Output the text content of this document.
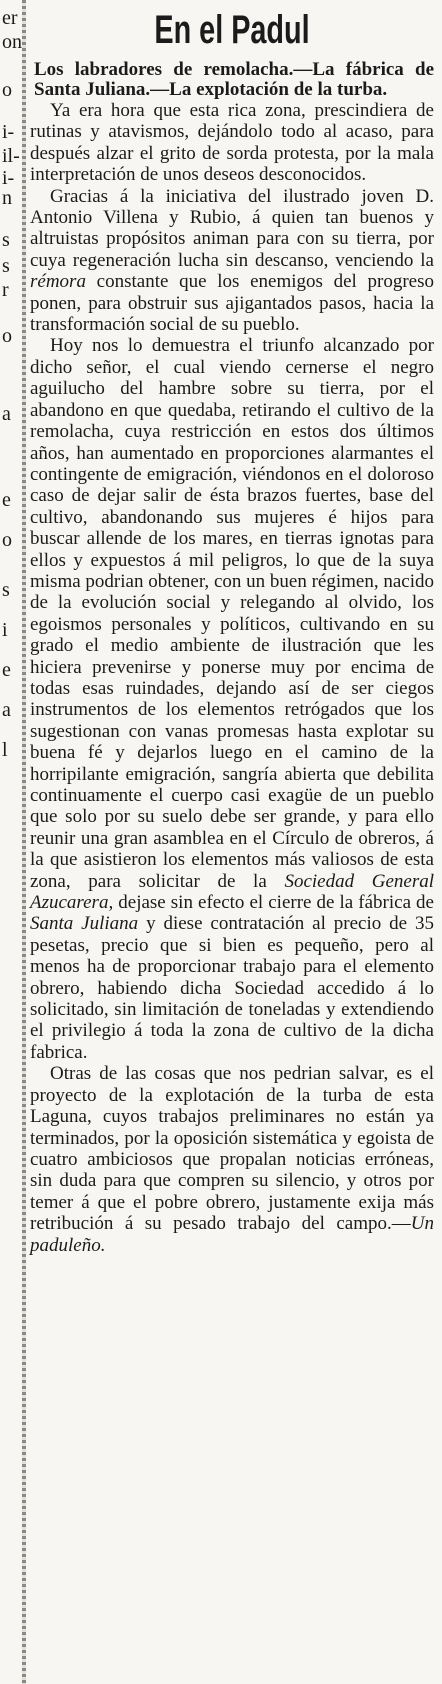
er
on
o
i-
il-
i-
n
s
s
r
o
a
e
o
s
i
e
a
l
En el Padul

Los labradores de remolacha.—La fábrica de Santa Juliana.—La explotación de la turba.

Ya era hora que esta rica zona, prescindiera de rutinas y atavismos, dejándolo todo al acaso, para después alzar el grito de sorda protesta, por la mala interpretación de unos deseos desconocidos.

Gracias á la iniciativa del ilustrado joven D. Antonio Villena y Rubio, á quien tan buenos y altruistas propósitos animan para con su tierra, por cuya regeneración lucha sin descanso, venciendo la rémora constante que los enemigos del progreso ponen, para obstruir sus ajigantados pasos, hacia la transformación social de su pueblo.

Hoy nos lo demuestra el triunfo alcanzado por dicho señor, el cual viendo cernerse el negro aguilucho del hambre sobre su tierra, por el abandono en que quedaba, retirando el cultivo de la remolacha, cuya restricción en estos dos últimos años, han aumentado en proporciones alarmantes el contingente de emigración, viéndonos en el doloroso caso de dejar salir de ésta brazos fuertes, base del cultivo, abandonando sus mujeres é hijos para buscar allende de los mares, en tierras ignotas para ellos y expuestos á mil peligros, lo que de la suya misma podrian obtener, con un buen régimen, nacido de la evolución social y relegando al olvido, los egoismos personales y políticos, cultivando en su grado el medio ambiente de ilustración que les hiciera prevenirse y ponerse muy por encima de todas esas ruindades, dejando así de ser ciegos instrumentos de los elementos retrógados que los sugestionan con vanas promesas hasta explotar su buena fé y dejarlos luego en el camino de la horripilante emigración, sangría abierta que debilita continuamente el cuerpo casi exagüe de un pueblo que solo por su suelo debe ser grande, y para ello reunir una gran asamblea en el Círculo de obreros, á la que asistieron los elementos más valiosos de esta zona, para solicitar de la Sociedad General Azucarera, dejase sin efecto el cierre de la fábrica de Santa Juliana y diese contratación al precio de 35 pesetas, precio que si bien es pequeño, pero al menos ha de proporcionar trabajo para el elemento obrero, habiendo dicha Sociedad accedido á lo solicitado, sin limitación de toneladas y extendiendo el privilegio á toda la zona de cultivo de la dicha fabrica.

Otras de las cosas que nos pedrian salvar, es el proyecto de la explotación de la turba de esta Laguna, cuyos trabajos preliminares no están ya terminados, por la oposición sistemática y egoista de cuatro ambiciosos que propalan noticias erróneas, sin duda para que compren su silencio, y otros por temer á que el pobre obrero, justamente exija más retribución á su pesado trabajo del campo.—Un paduleño.
